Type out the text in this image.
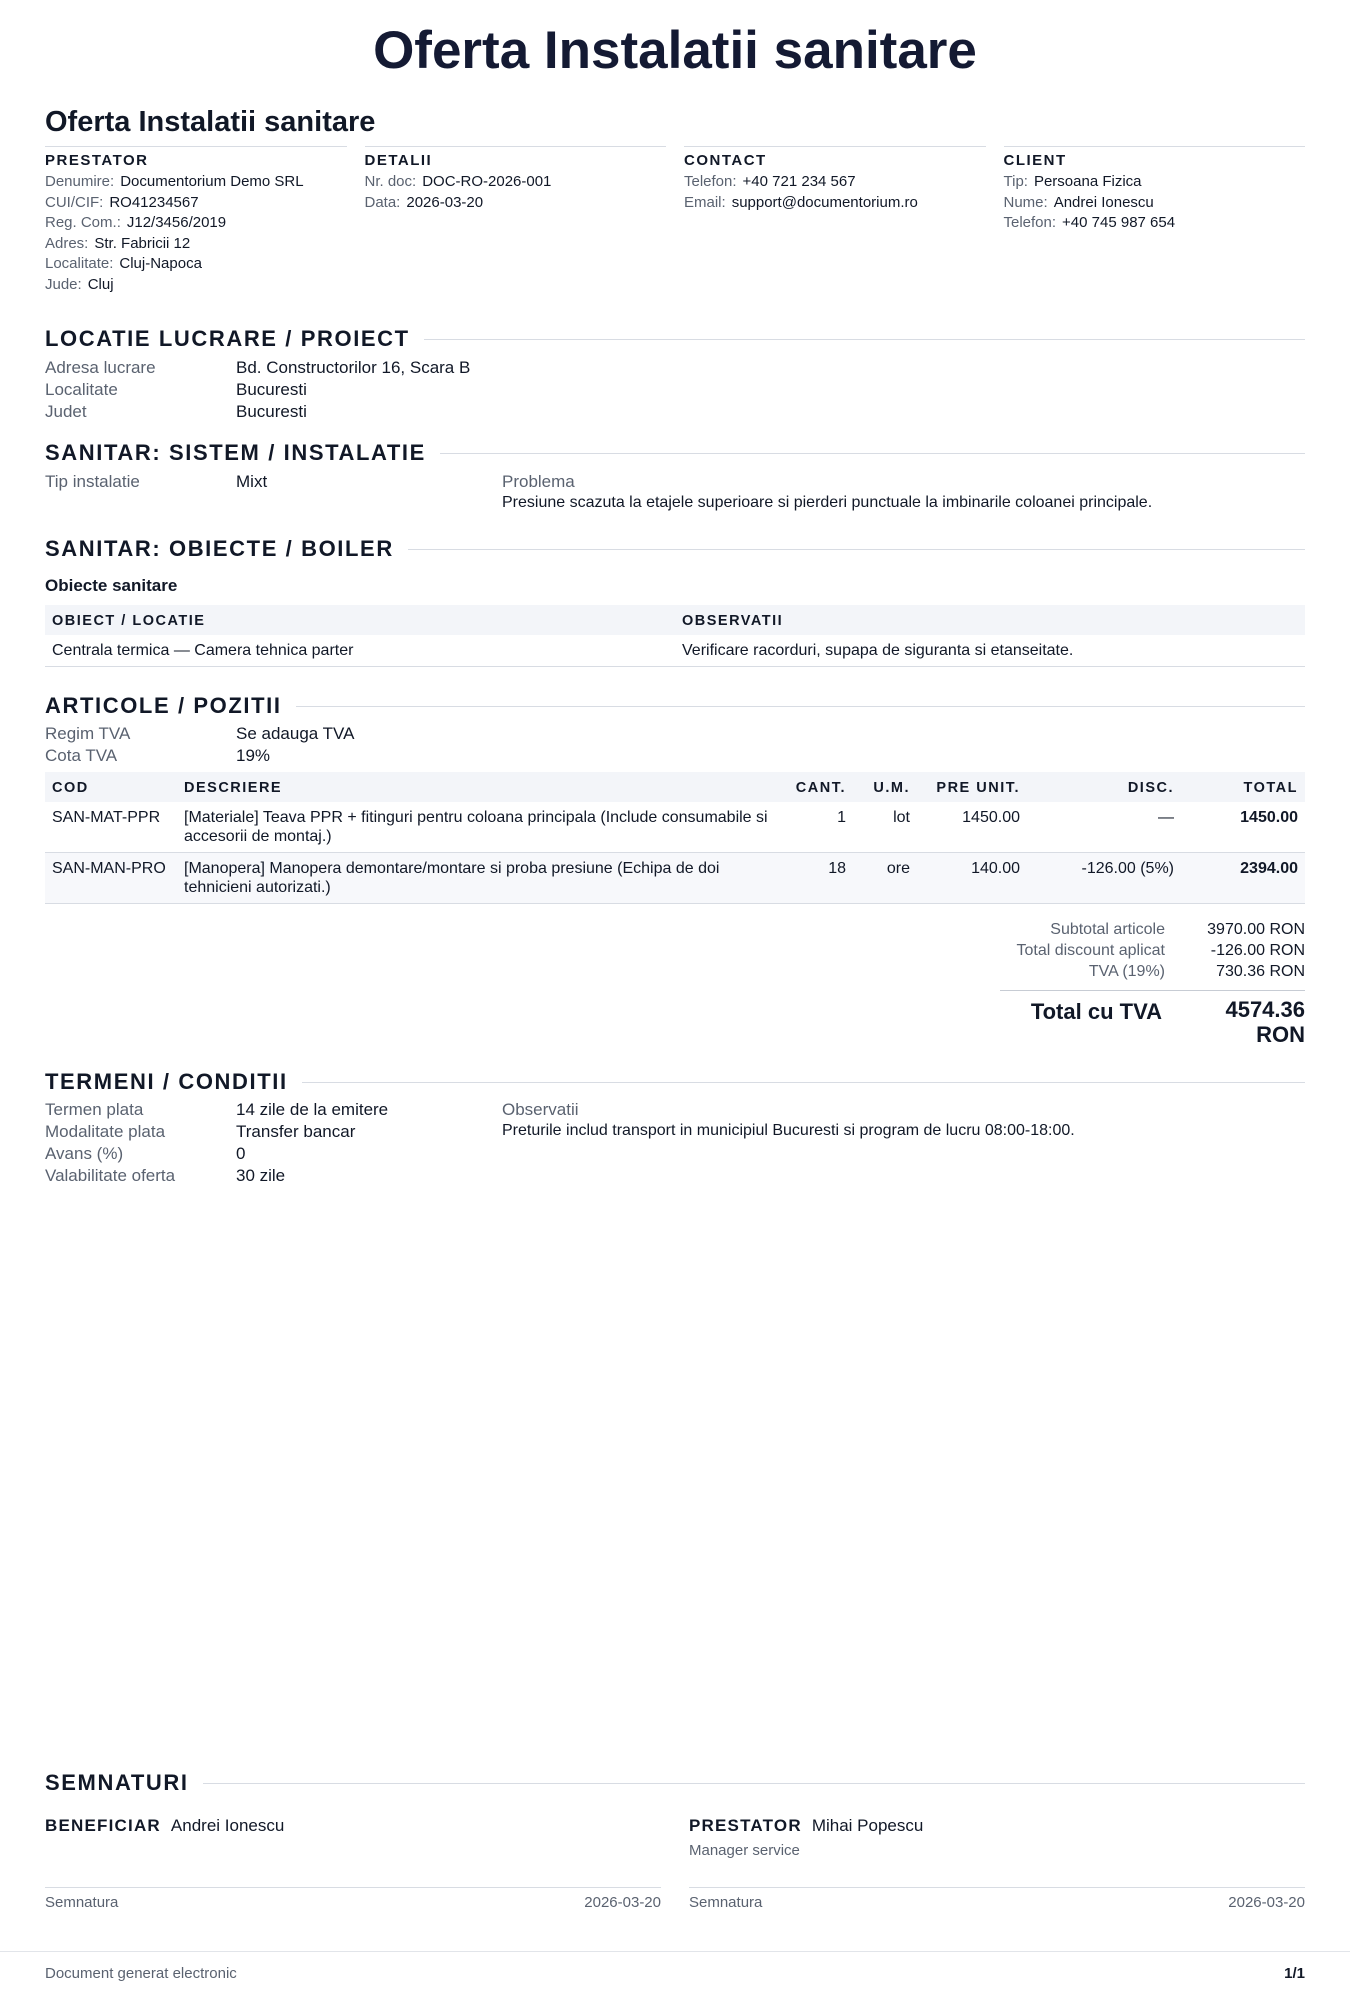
Oferta Instalatii sanitare
Oferta Instalatii sanitare
PRESTATOR
Denumire: Documentorium Demo SRL
CUI/CIF: RO41234567
Reg. Com.: J12/3456/2019
Adres: Str. Fabricii 12
Localitate: Cluj-Napoca
Jude: Cluj
DETALII
Nr. doc: DOC-RO-2026-001
Data: 2026-03-20
CONTACT
Telefon: +40 721 234 567
Email: support@documentorium.ro
CLIENT
Tip: Persoana Fizica
Nume: Andrei Ionescu
Telefon: +40 745 987 654
LOCATIE LUCRARE / PROIECT
Adresa lucrare	Bd. Constructorilor 16, Scara B
Localitate	Bucuresti
Judet	Bucuresti
SANITAR: SISTEM / INSTALATIE
Tip instalatie	Mixt	Problema
Presiune scazuta la etajele superioare si pierderi punctuale la imbinarile coloanei principale.
SANITAR: OBIECTE / BOILER
Obiecte sanitare
OBIECT / LOCATIE	OBSERVATII
Centrala termica — Camera tehnica parter	Verificare racorduri, supapa de siguranta si etanseitate.
ARTICOLE / POZITII
Regim TVA	Se adauga TVA
Cota TVA	19%
COD	DESCRIERE	CANT.	U.M.	PRE UNIT.	DISC.	TOTAL
SAN-MAT-PPR	[Materiale] Teava PPR + fitinguri pentru coloana principala (Include consumabile si accesorii de montaj.)	1	lot	1450.00	—	1450.00
SAN-MAN-PRO	[Manopera] Manopera demontare/montare si proba presiune (Echipa de doi tehnicieni autorizati.)	18	ore	140.00	-126.00 (5%)	2394.00
Subtotal articole	3970.00 RON
Total discount aplicat	-126.00 RON
TVA (19%)	730.36 RON
Total cu TVA	4574.36 RON
TERMENI / CONDITII
Termen plata	14 zile de la emitere
Modalitate plata	Transfer bancar
Avans (%)	0
Valabilitate oferta	30 zile
Observatii
Preturile includ transport in municipiul Bucuresti si program de lucru 08:00-18:00.
SEMNATURI
BENEFICIAR Andrei Ionescu
Semnatura	2026-03-20
PRESTATOR Mihai Popescu
Manager service
Semnatura	2026-03-20
Document generat electronic	1/1
